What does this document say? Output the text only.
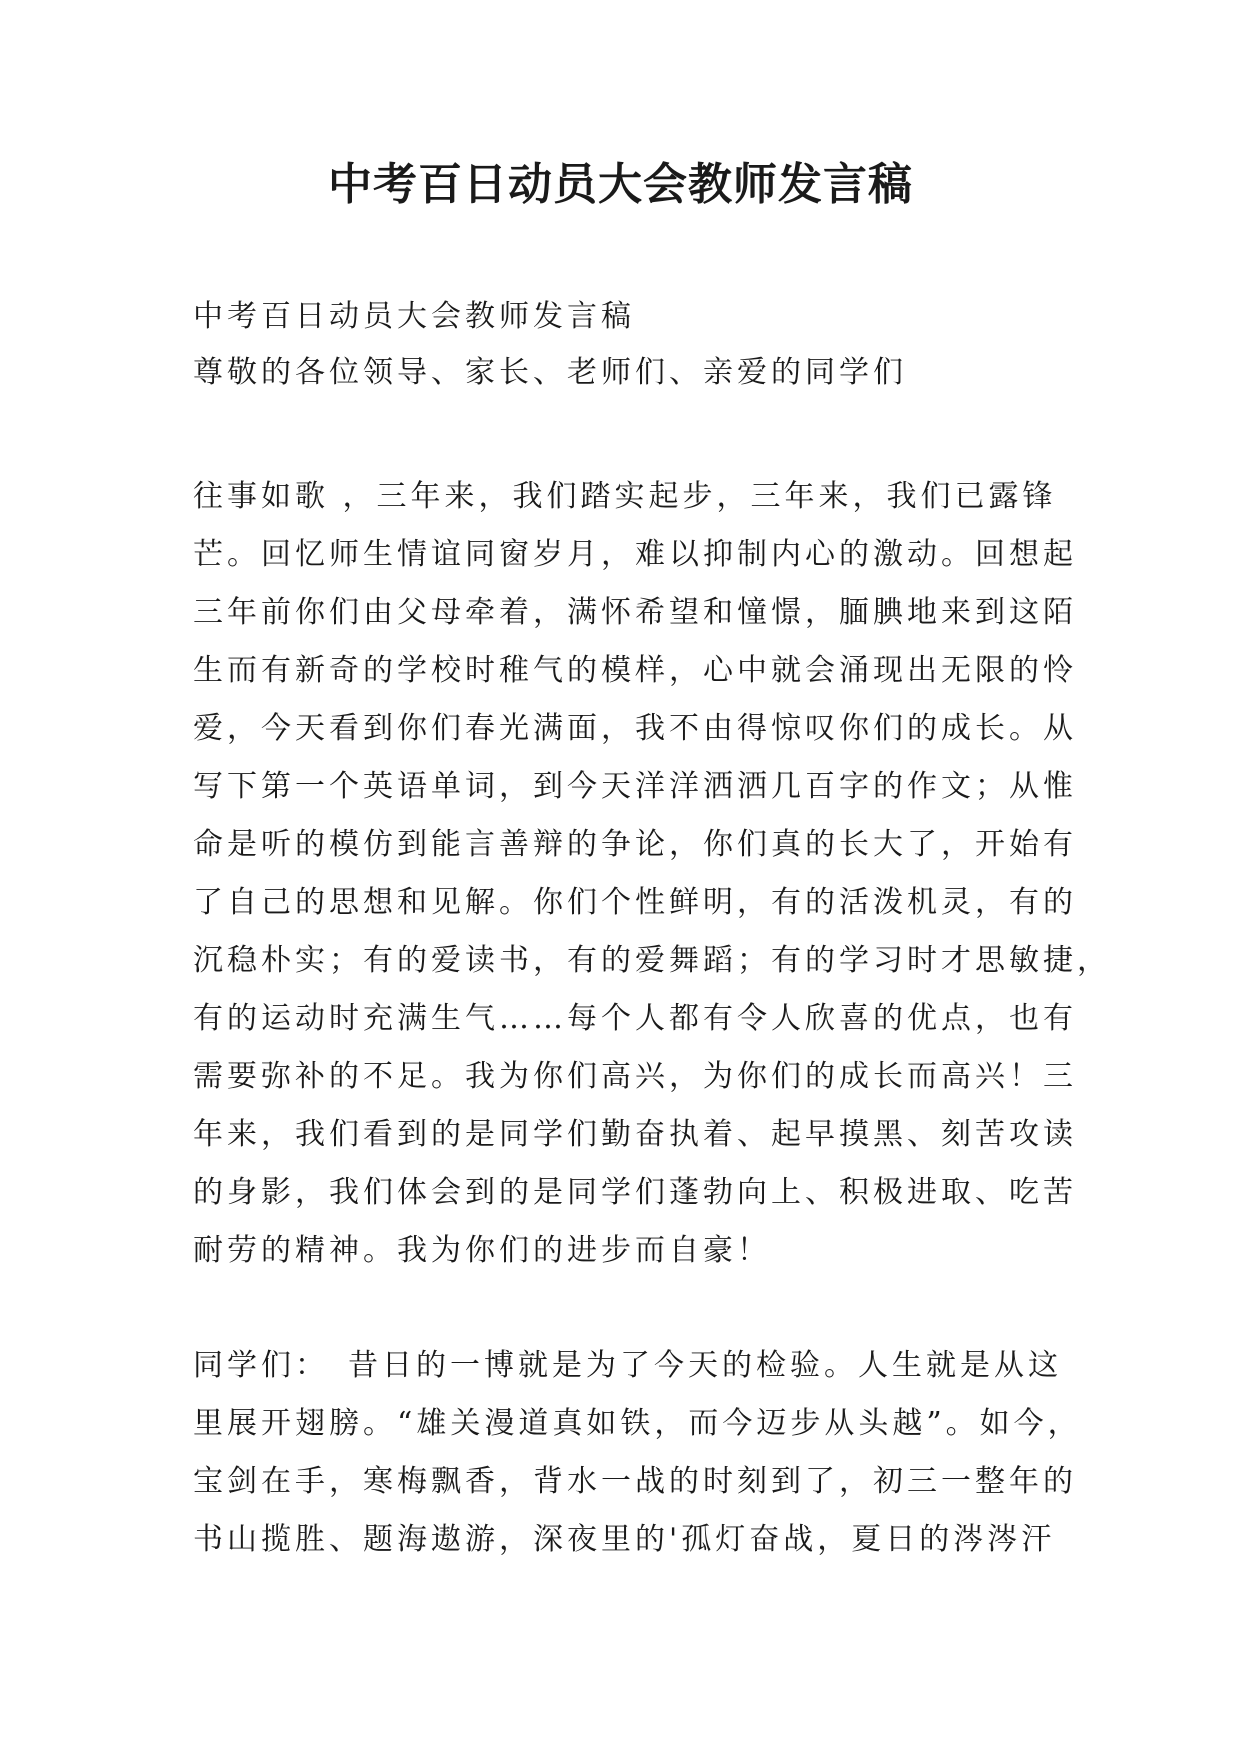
中考百日动员大会教师发言稿

中考百日动员大会教师发言稿

尊敬的各位领导、家长、老师们、亲爱的同学们

往事如歌 ，三年来，我们踏实起步，三年来，我们已露锋
芒。回忆师生情谊同窗岁月，难以抑制内心的激动。回想起
三年前你们由父母牵着，满怀希望和憧憬，腼腆地来到这陌
生而有新奇的学校时稚气的模样，心中就会涌现出无限的怜
爱，今天看到你们春光满面，我不由得惊叹你们的成长。从
写下第一个英语单词，到今天洋洋洒洒几百字的作文；从惟
命是听的模仿到能言善辩的争论，你们真的长大了，开始有
了自己的思想和见解。你们个性鲜明，有的活泼机灵，有的
沉稳朴实；有的爱读书，有的爱舞蹈；有的学习时才思敏捷，
有的运动时充满生气……每个人都有令人欣喜的优点，也有
需要弥补的不足。我为你们高兴，为你们的成长而高兴！三
年来，我们看到的是同学们勤奋执着、起早摸黑、刻苦攻读
的身影，我们体会到的是同学们蓬勃向上、积极进取、吃苦
耐劳的精神。我为你们的进步而自豪！
同学们：　昔日的一博就是为了今天的检验。人生就是从这
里展开翅膀。“雄关漫道真如铁，而今迈步从头越”。如今，
宝剑在手，寒梅飘香，背水一战的时刻到了，初三一整年的
书山揽胜、题海遨游，深夜里的'孤灯奋战，夏日的涔涔汗
